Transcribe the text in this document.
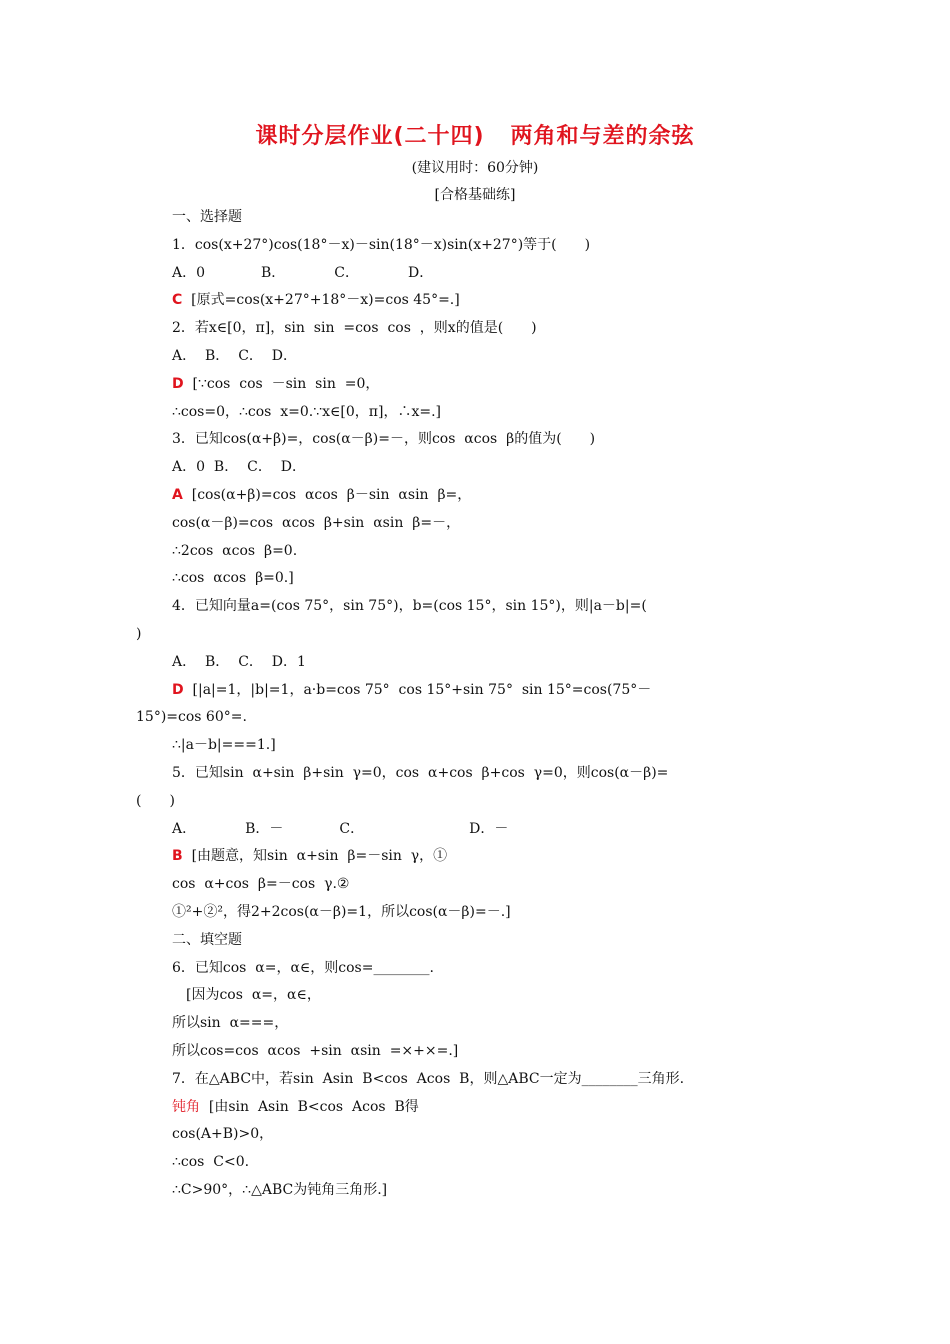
课时分层作业(二十四)   两角和与差的余弦
(建议用时：60分钟)
[合格基础练]
一、选择题
1．cos(x+27°)cos(18°－x)－sin(18°－x)sin(x+27°)等于(　　)
A．0　　　　B．　　　　C．　　　　D．
C  [原式=cos(x+27°+18°－x)=cos 45°=.]
2．若x∈[0，π]，sin  sin  =cos  cos  ，则x的值是(　　)
A．  B．  C．  D．
D  [∵cos  cos  －sin  sin  =0，
∴cos=0，∴cos  x=0.∵x∈[0，π]，∴x=.]
3．已知cos(α+β)=，cos(α－β)=－，则cos  αcos  β的值为(　　)
A．0  B．  C．  D．
A  [cos(α+β)=cos  αcos  β－sin  αsin  β=，
cos(α－β)=cos  αcos  β+sin  αsin  β=－，
∴2cos  αcos  β=0.
∴cos  αcos  β=0.]
4．已知向量a=(cos 75°，sin 75°)，b=(cos 15°，sin 15°)，则|a－b|=(
)
A．  B．  C．  D．1
D  [|a|=1，|b|=1，a·b=cos 75°  cos 15°+sin 75°  sin 15°=cos(75°－
15°)=cos 60°=.
∴|a－b|===1.]
5．已知sin  α+sin  β+sin  γ=0，cos  α+cos  β+cos  γ=0，则cos(α－β)=
(　　)
A．　　　　B．－　　　　C．　　　　　　　　D．－
B  [由题意，知sin  α+sin  β=－sin  γ，①
cos  α+cos  β=－cos  γ.②
①²+②²，得2+2cos(α－β)=1，所以cos(α－β)=－.]
二、填空题
6．已知cos  α=，α∈，则cos=________.
[因为cos  α=，α∈，
所以sin  α===，
所以cos=cos  αcos  +sin  αsin  =×+×=.]
7．在△ABC中，若sin  Asin  B<cos  Acos  B，则△ABC一定为________三角形.
钝角  [由sin  Asin  B<cos  Acos  B得
cos(A+B)>0，
∴cos  C<0.
∴C>90°，∴△ABC为钝角三角形.]
